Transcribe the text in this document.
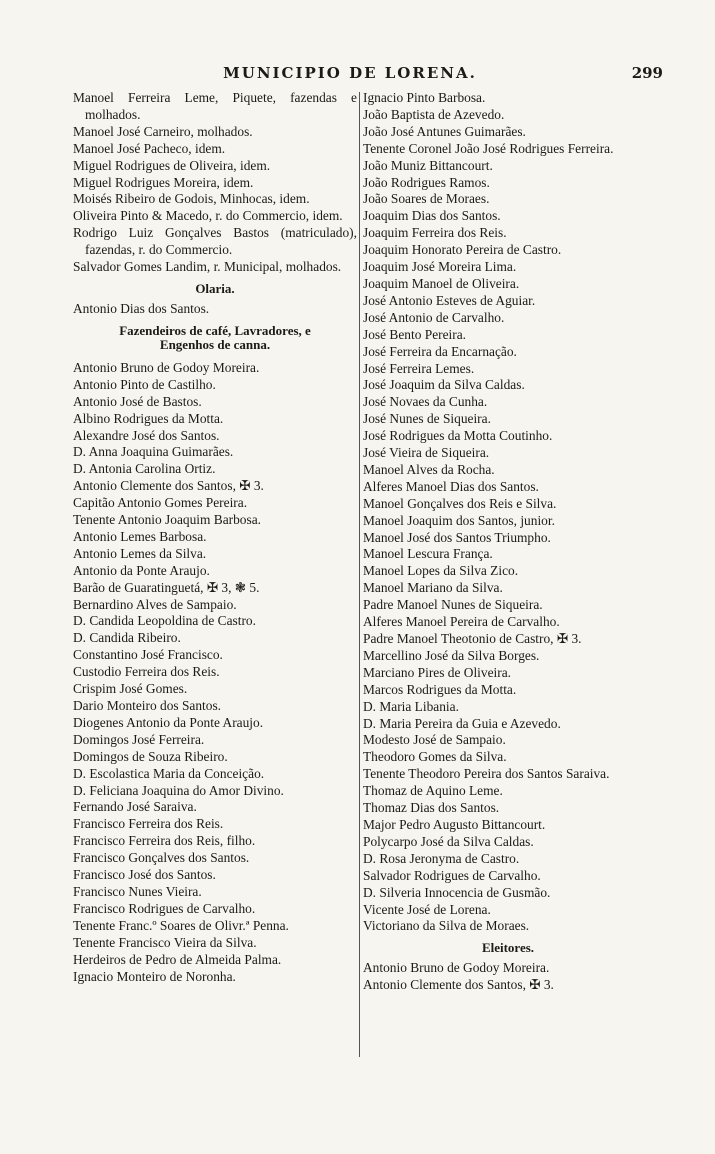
MUNICIPIO DE LORENA.	299

Manoel Ferreira Leme, Piquete, fazendas e molhados.

Manoel José Carneiro, molhados.

Manoel José Pacheco, idem.

Miguel Rodrigues de Oliveira, idem.

Miguel Rodrigues Moreira, idem.

Moisés Ribeiro de Godois, Minhocas, idem.

Oliveira Pinto & Macedo, r. do Commercio, idem.

Rodrigo Luiz Gonçalves Bastos (matriculado), fazendas, r. do Commercio.

Salvador Gomes Landim, r. Municipal, molhados.

Olaria.

Antonio Dias dos Santos.

Fazendeiros de café, Lavradores, e
Engenhos de canna.

Antonio Bruno de Godoy Moreira.

Antonio Pinto de Castilho.

Antonio José de Bastos.

Albino Rodrigues da Motta.

Alexandre José dos Santos.

D. Anna Joaquina Guimarães.

D. Antonia Carolina Ortiz.

Antonio Clemente dos Santos, ✠ 3.

Capitão Antonio Gomes Pereira.

Tenente Antonio Joaquim Barbosa.

Antonio Lemes Barbosa.

Antonio Lemes da Silva.

Antonio da Ponte Araujo.

Barão de Guaratinguetá, ✠ 3, ❃ 5.

Bernardino Alves de Sampaio.

D. Candida Leopoldina de Castro.

D. Candida Ribeiro.

Constantino José Francisco.

Custodio Ferreira dos Reis.

Crispim José Gomes.

Dario Monteiro dos Santos.

Diogenes Antonio da Ponte Araujo.

Domingos José Ferreira.

Domingos de Souza Ribeiro.

D. Escolastica Maria da Conceição.

D. Feliciana Joaquina do Amor Divino.

Fernando José Saraiva.

Francisco Ferreira dos Reis.

Francisco Ferreira dos Reis, filho.

Francisco Gonçalves dos Santos.

Francisco José dos Santos.

Francisco Nunes Vieira.

Francisco Rodrigues de Carvalho.

Tenente Franc.º Soares de Olivr.ª Penna.

Tenente Francisco Vieira da Silva.

Herdeiros de Pedro de Almeida Palma.

Ignacio Monteiro de Noronha.

Ignacio Pinto Barbosa.

João Baptista de Azevedo.

João José Antunes Guimarães.

Tenente Coronel João José Rodrigues Ferreira.

João Muniz Bittancourt.

João Rodrigues Ramos.

João Soares de Moraes.

Joaquim Dias dos Santos.

Joaquim Ferreira dos Reis.

Joaquim Honorato Pereira de Castro.

Joaquim José Moreira Lima.

Joaquim Manoel de Oliveira.

José Antonio Esteves de Aguiar.

José Antonio de Carvalho.

José Bento Pereira.

José Ferreira da Encarnação.

José Ferreira Lemes.

José Joaquim da Silva Caldas.

José Novaes da Cunha.

José Nunes de Siqueira.

José Rodrigues da Motta Coutinho.

José Vieira de Siqueira.

Manoel Alves da Rocha.

Alferes Manoel Dias dos Santos.

Manoel Gonçalves dos Reis e Silva.

Manoel Joaquim dos Santos, junior.

Manoel José dos Santos Triumpho.

Manoel Lescura França.

Manoel Lopes da Silva Zico.

Manoel Mariano da Silva.

Padre Manoel Nunes de Siqueira.

Alferes Manoel Pereira de Carvalho.

Padre Manoel Theotonio de Castro, ✠ 3.

Marcellino José da Silva Borges.

Marciano Pires de Oliveira.

Marcos Rodrigues da Motta.

D. Maria Libania.

D. Maria Pereira da Guia e Azevedo.

Modesto José de Sampaio.

Theodoro Gomes da Silva.

Tenente Theodoro Pereira dos Santos Saraiva.

Thomaz de Aquino Leme.

Thomaz Dias dos Santos.

Major Pedro Augusto Bittancourt.

Polycarpo José da Silva Caldas.

D. Rosa Jeronyma de Castro.

Salvador Rodrigues de Carvalho.

D. Silveria Innocencia de Gusmão.

Vicente José de Lorena.

Victoriano da Silva de Moraes.

Eleitores.

Antonio Bruno de Godoy Moreira.

Antonio Clemente dos Santos, ✠ 3.
